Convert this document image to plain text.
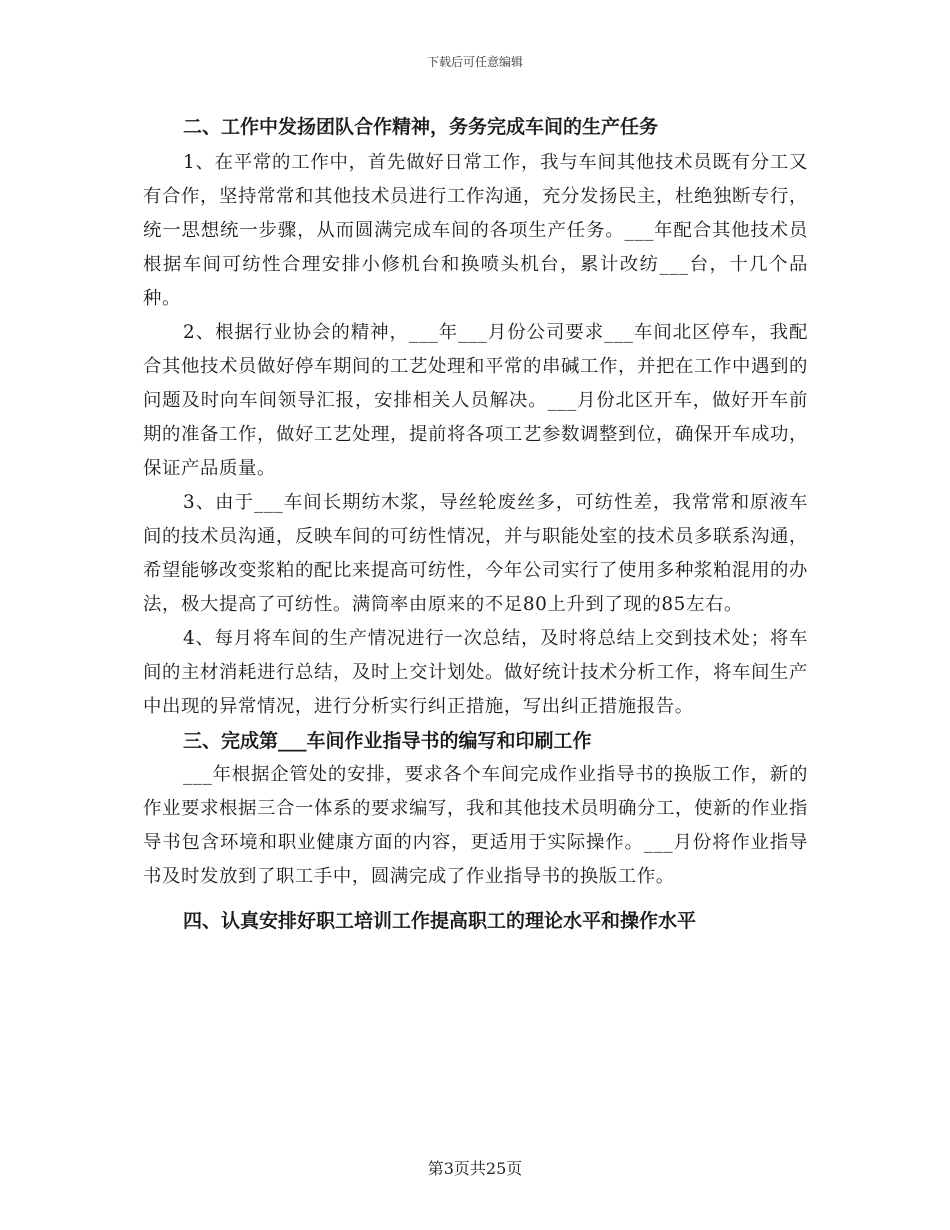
下载后可任意编辑

二、工作中发扬团队合作精神，务务完成车间的生产任务

1、在平常的工作中，首先做好日常工作，我与车间其他技术员既有分工又有合作，坚持常常和其他技术员进行工作沟通，充分发扬民主，杜绝独断专行，统一思想统一步骤，从而圆满完成车间的各项生产任务。___年配合其他技术员根据车间可纺性合理安排小修机台和换喷头机台，累计改纺___台，十几个品种。

2、根据行业协会的精神，___年___月份公司要求___车间北区停车，我配合其他技术员做好停车期间的工艺处理和平常的串碱工作，并把在工作中遇到的问题及时向车间领导汇报，安排相关人员解决。___月份北区开车，做好开车前期的准备工作，做好工艺处理，提前将各项工艺参数调整到位，确保开车成功，保证产品质量。

3、由于___车间长期纺木浆，导丝轮废丝多，可纺性差，我常常和原液车间的技术员沟通，反映车间的可纺性情况，并与职能处室的技术员多联系沟通，希望能够改变浆粕的配比来提高可纺性，今年公司实行了使用多种浆粕混用的办法，极大提高了可纺性。满筒率由原来的不足80上升到了现的85左右。

4、每月将车间的生产情况进行一次总结，及时将总结上交到技术处；将车间的主材消耗进行总结，及时上交计划处。做好统计技术分析工作，将车间生产中出现的异常情况，进行分析实行纠正措施，写出纠正措施报告。

三、完成第___车间作业指导书的编写和印刷工作

___年根据企管处的安排，要求各个车间完成作业指导书的换版工作，新的作业要求根据三合一体系的要求编写，我和其他技术员明确分工，使新的作业指导书包含环境和职业健康方面的内容，更适用于实际操作。___月份将作业指导书及时发放到了职工手中，圆满完成了作业指导书的换版工作。

四、认真安排好职工培训工作提高职工的理论水平和操作水平

第3页共25页
